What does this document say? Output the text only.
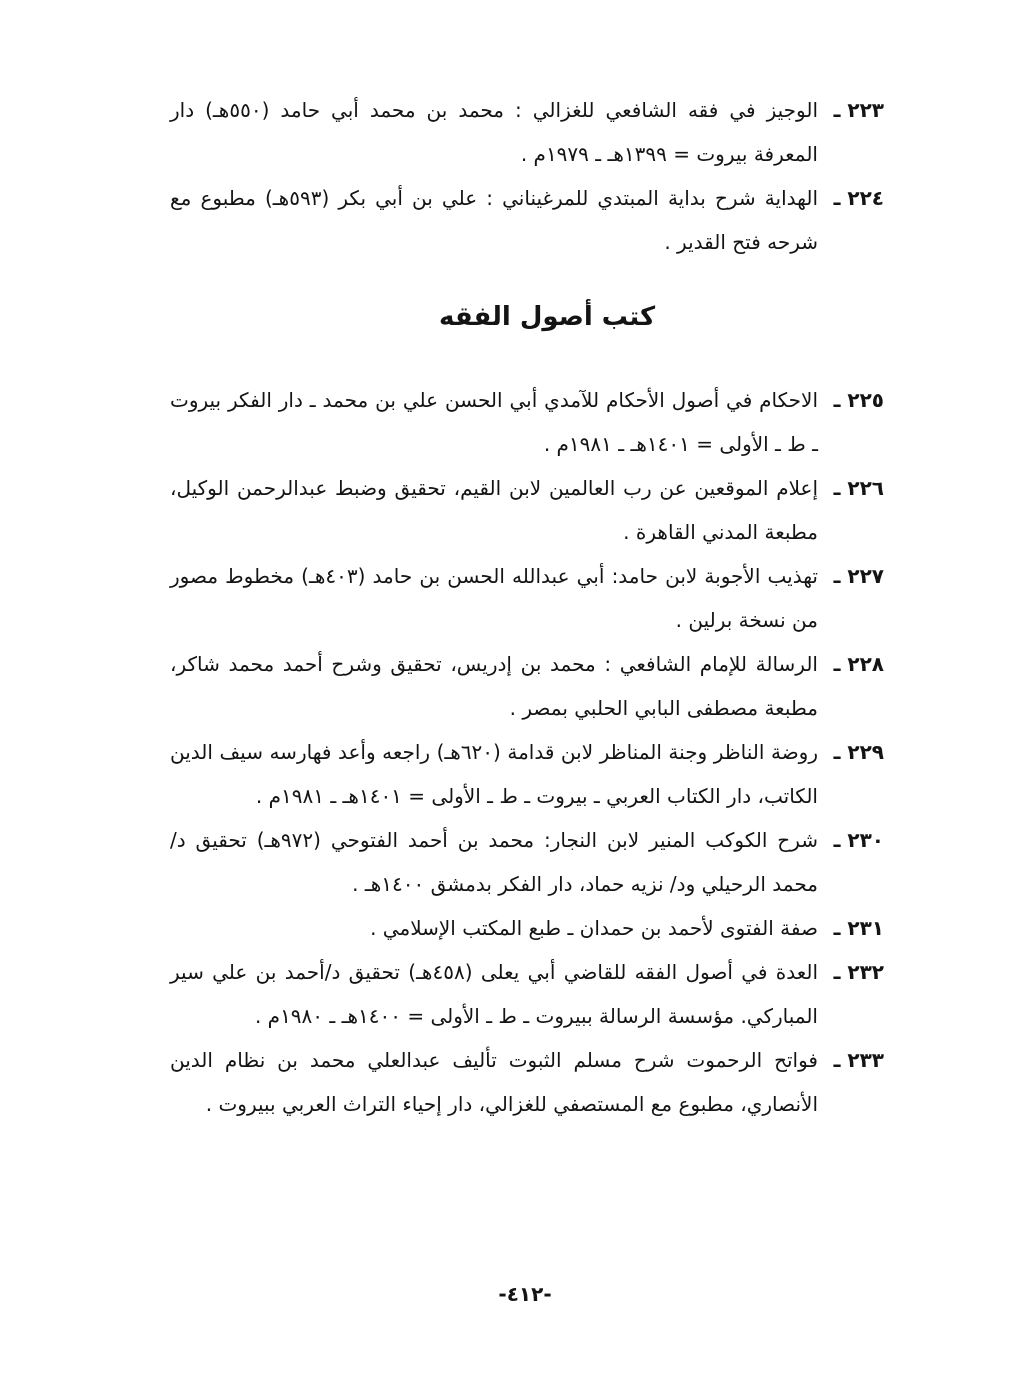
٢٢٣ ـ

الوجيز في فقه الشافعي للغزالي : محمد بن محمد أبي حامد (٥٥٠هـ) دار المعرفة بيروت = ١٣٩٩هـ ـ ١٩٧٩م .

٢٢٤ ـ

الهداية شرح بداية المبتدي للمرغيناني : علي بن أبي بكر (٥٩٣هـ) مطبوع مع شرحه فتح القدير .

كتب أصول الفقه
٢٢٥ ـ

الاحكام في أصول الأحكام للآمدي أبي الحسن علي بن محمد ـ دار الفكر بيروت ـ ط ـ الأولى = ١٤٠١هـ ـ ١٩٨١م .

٢٢٦ ـ

إعلام الموقعين عن رب العالمين لابن القيم، تحقيق وضبط عبدالرحمن الوكيل، مطبعة المدني القاهرة .

٢٢٧ ـ

تهذيب الأجوبة لابن حامد: أبي عبدالله الحسن بن حامد (٤٠٣هـ) مخطوط مصور من نسخة برلين .

٢٢٨ ـ

الرسالة للإمام الشافعي : محمد بن إدريس، تحقيق وشرح أحمد محمد شاكر، مطبعة مصطفى البابي الحلبي بمصر .

٢٢٩ ـ

روضة الناظر وجنة المناظر لابن قدامة (٦٢٠هـ) راجعه وأعد فهارسه سيف الدين الكاتب، دار الكتاب العربي ـ بيروت ـ ط ـ الأولى = ١٤٠١هـ ـ ١٩٨١م .

٢٣٠ ـ

شرح الكوكب المنير لابن النجار: محمد بن أحمد الفتوحي (٩٧٢هـ) تحقيق د/ محمد الرحيلي ود/ نزيه حماد، دار الفكر بدمشق ١٤٠٠هـ .

٢٣١ ـ

صفة الفتوى لأحمد بن حمدان ـ طبع المكتب الإسلامي .

٢٣٢ ـ

العدة في أصول الفقه للقاضي أبي يعلى (٤٥٨هـ) تحقيق د/أحمد بن علي سير المباركي. مؤسسة الرسالة ببيروت ـ ط ـ الأولى = ١٤٠٠هـ ـ ١٩٨٠م .

٢٣٣ ـ

فواتح الرحموت شرح مسلم الثبوت تأليف عبدالعلي محمد بن نظام الدين الأنصاري، مطبوع مع المستصفي للغزالي، دار إحياء التراث العربي ببيروت .

-٤١٢-
